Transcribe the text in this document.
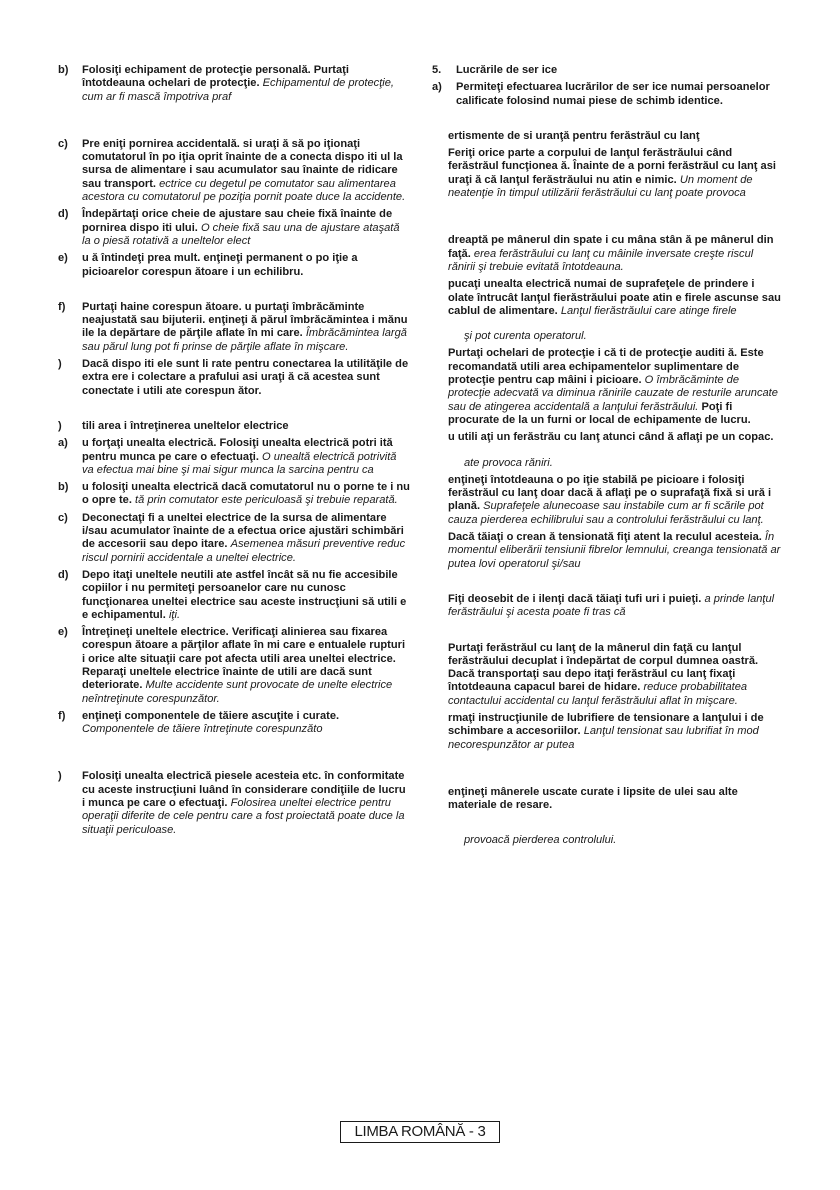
b) Folosiţi echipament de protecţie personală. Purtaţi întotdeauna ochelari de protecţie. Echipamentul de protecţie, cum ar fi mască împotriva praf
c) Pre eniţi pornirea accidentală. si uraţi ă să po iţionaţi comutatorul în po iţia oprit înainte de a conecta dispo iti ul la sursa de alimentare i sau acumulator sau înainte de ridicare sau transport. ectrice cu degetul pe comutator sau alimentarea acestora cu comutatorul pe poziţia pornit poate duce la accidente.
d) Îndepărtaţi orice cheie de ajustare sau cheie fixă înainte de pornirea dispo iti ului. O cheie fixă sau una de ajustare ataşată la o piesă rotativă a uneltelor elect
e) u ă întindeţi prea mult. enţineţi permanent o po iţie a picioarelor corespun ătoare i un echilibru.
f) Purtaţi haine corespun ătoare. u purtaţi îmbrăcăminte neajustată sau bijuterii. enţineţi ă părul îmbrăcămintea i mănu ile la depărtare de părţile aflate în mi care. Îmbrăcămintea largă sau părul lung pot fi prinse de părţile aflate în mişcare.
) Dacă dispo iti ele sunt li rate pentru conectarea la utilităţile de extra ere i colectare a prafului asi uraţi ă că acestea sunt conectate i utili ate corespun ător.
) tili area i întreţinerea uneltelor electrice
a) u forţaţi unealta electrică. Folosiţi unealta electrică potri ită pentru munca pe care o efectuaţi. O unealtă electrică potrivită va efectua mai bine şi mai sigur munca la sarcina pentru ca
b) u folosiţi unealta electrică dacă comutatorul nu o porne te i nu o opre te. tă prin comutator este periculoasă şi trebuie reparată.
c) Deconectaţi fi a uneltei electrice de la sursa de alimentare i/sau acumulator înainte de a efectua orice ajustări schimbări de accesorii sau depo itare. Asemenea măsuri preventive reduc riscul pornirii accidentale a uneltei electrice.
d) Depo itaţi uneltele neutili ate astfel încât să nu fie accesibile copiilor i nu permiteţi persoanelor care nu cunosc funcţionarea uneltei electrice sau aceste instrucţiuni să utili e e echipamentul. iţi.
e) Întreţineţi uneltele electrice. Verificaţi alinierea sau fixarea corespun ătoare a părţilor aflate în mi care e entualele rupturi i orice alte situaţii care pot afecta utili area uneltei electrice. Reparaţi uneltele electrice înainte de utili are dacă sunt deteriorate. Multe accidente sunt provocate de unelte electrice neîntreţinute corespunzător.
f) enţineţi componentele de tăiere ascuţite i curate. Componentele de tăiere întreţinute corespunzăto
) Folosiţi unealta electrică piesele acesteia etc. în conformitate cu aceste instrucţiuni luând în considerare condiţiile de lucru i munca pe care o efectuaţi. Folosirea uneltei electrice pentru operaţii diferite de cele pentru care a fost proiectată poate duce la situaţii periculoase.
5. Lucrările de ser ice
a) Permiteţi efectuarea lucrărilor de ser ice numai persoanelor calificate folosind numai piese de schimb identice.
ertismente de si uranţă pentru ferăstrăul cu lanţ
Feriţi orice parte a corpului de lanţul ferăstrăului când ferăstrăul funcţionea ă. Înainte de a porni ferăstrăul cu lanţ asi uraţi ă că lanţul ferăstrăului nu atin e nimic. Un moment de neatenţie în timpul utilizării ferăstrăului cu lanţ poate provoca
dreaptă pe mânerul din spate i cu mâna stân ă pe mânerul din faţă. erea ferăstrăului cu lanţ cu mâinile inversate creşte riscul rănirii şi trebuie evitată întotdeauna.
pucaţi unealta electrică numai de suprafeţele de prindere i olate întrucât lanţul fierăstrăului poate atin e firele ascunse sau cablul de alimentare. Lanţul fierăstrăului care atinge firele
şi pot curenta operatorul.
Purtaţi ochelari de protecţie i că ti de protecţie auditi ă. Este recomandată utili area echipamentelor suplimentare de protecţie pentru cap mâini i picioare. O îmbrăcăminte de protecţie adecvată va diminua rănirile cauzate de resturile aruncate sau de atingerea accidentală a lanţului ferăstrăului. Poţi fi procurate de la un furni or local de echipamente de lucru.
u utili aţi un ferăstrău cu lanţ atunci când ă aflaţi pe un copac.
ate provoca răniri.
enţineţi întotdeauna o po iţie stabilă pe picioare i folosiţi ferăstrăul cu lanţ doar dacă ă aflaţi pe o suprafaţă fixă si ură i plană. Suprafeţele alunecoase sau instabile cum ar fi scările pot cauza pierderea echilibrului sau a controlului ferăstrăului cu lanţ.
Dacă tăiaţi o crean ă tensionată fiţi atent la reculul acesteia. În momentul eliberării tensiunii fibrelor lemnului, creanga tensionată ar putea lovi operatorul şi/sau
Fiţi deosebit de i ilenţi dacă tăiaţi tufi uri i puieţi. a prinde lanţul ferăstrăului şi acesta poate fi tras că
Purtaţi ferăstrăul cu lanţ de la mânerul din faţă cu lanţul ferăstrăului decuplat i îndepărtat de corpul dumnea oastră. Dacă transportaţi sau depo itaţi ferăstrăul cu lanţ fixaţi întotdeauna capacul barei de hidare. reduce probabilitatea contactului accidental cu lanţul ferăstrăului aflat în mişcare.
rmaţi instrucţiunile de lubrifiere de tensionare a lanţului i de schimbare a accesoriilor. Lanţul tensionat sau lubrifiat în mod necorespunzător ar putea
enţineţi mânerele uscate curate i lipsite de ulei sau alte materiale de resare.
provoacă pierderea controlului.
LIMBA ROMÂNĂ - 3
